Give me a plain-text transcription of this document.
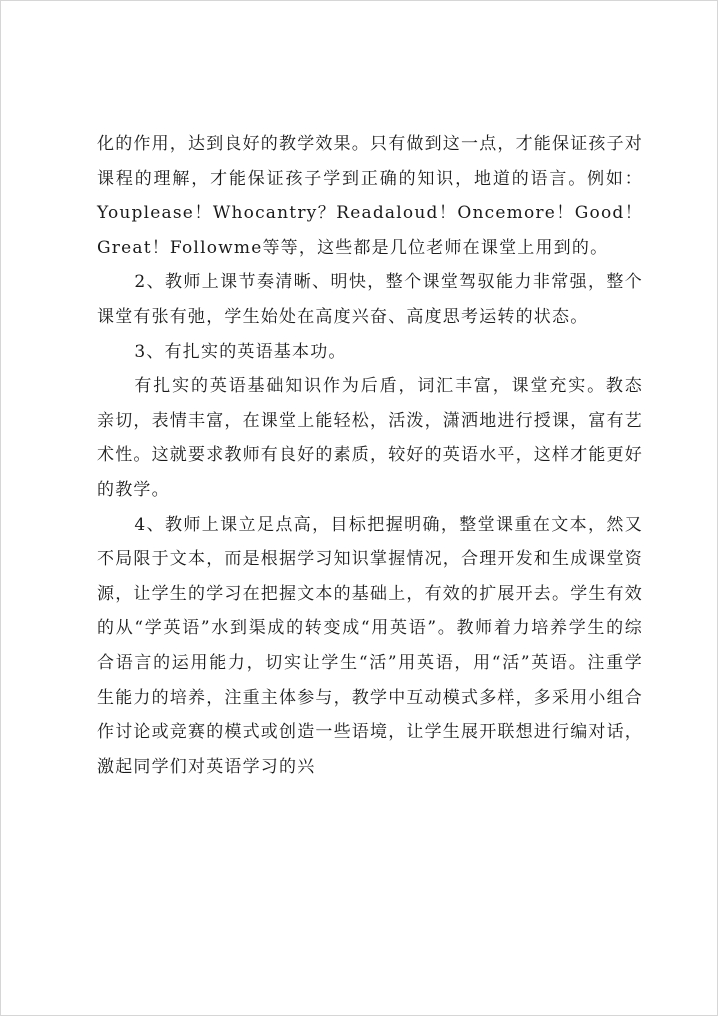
化的作用，达到良好的教学效果。只有做到这一点，才能保证孩子对课程的理解，才能保证孩子学到正确的知识，地道的语言。例如：Youplease！Whocantry？Readaloud！Oncemore！Good！Great！Followme等等，这些都是几位老师在课堂上用到的。

2、教师上课节奏清晰、明快，整个课堂驾驭能力非常强，整个课堂有张有弛，学生始处在高度兴奋、高度思考运转的状态。

3、有扎实的英语基本功。

有扎实的英语基础知识作为后盾，词汇丰富，课堂充实。教态亲切，表情丰富，在课堂上能轻松，活泼，潇洒地进行授课，富有艺术性。这就要求教师有良好的素质，较好的英语水平，这样才能更好的教学。

4、教师上课立足点高，目标把握明确，整堂课重在文本，然又不局限于文本，而是根据学习知识掌握情况，合理开发和生成课堂资源，让学生的学习在把握文本的基础上，有效的扩展开去。学生有效的从“学英语”水到渠成的转变成“用英语”。教师着力培养学生的综合语言的运用能力，切实让学生“活”用英语，用“活”英语。注重学生能力的培养，注重主体参与，教学中互动模式多样，多采用小组合作讨论或竞赛的模式或创造一些语境，让学生展开联想进行编对话，激起同学们对英语学习的兴
